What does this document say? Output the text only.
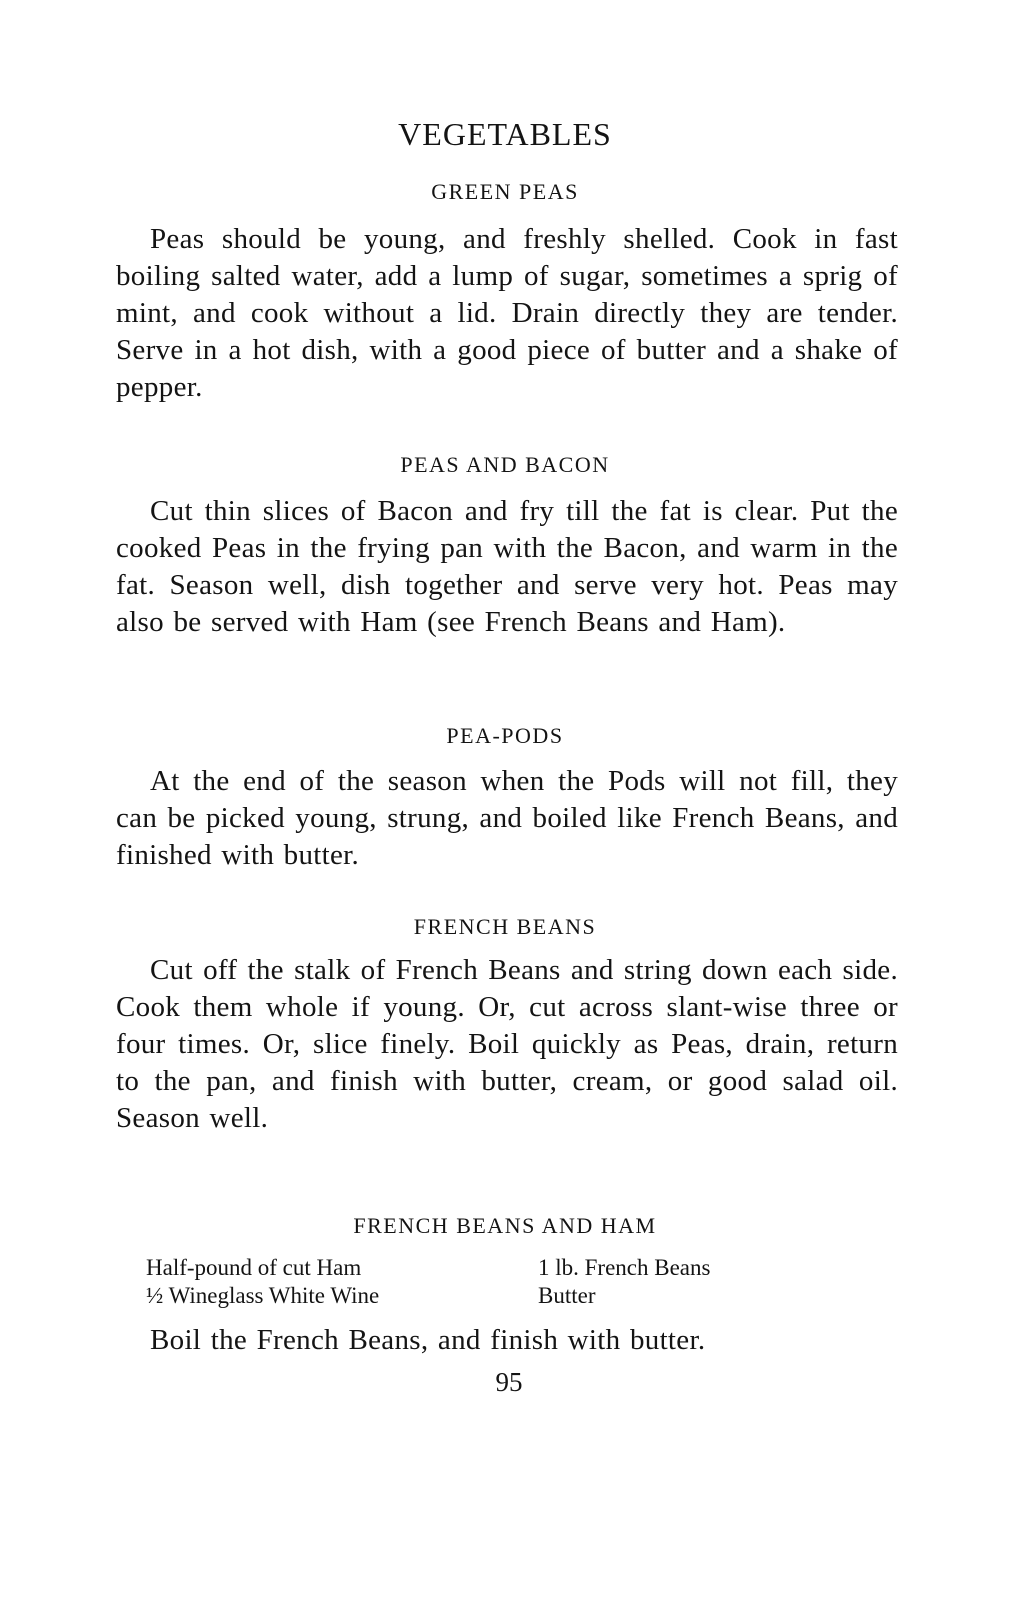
VEGETABLES
GREEN PEAS

Peas should be young, and freshly shelled. Cook in fast boiling salted water, add a lump of sugar, sometimes a sprig of mint, and cook without a lid. Drain directly they are tender. Serve in a hot dish, with a good piece of butter and a shake of pepper.

PEAS AND BACON

Cut thin slices of Bacon and fry till the fat is clear. Put the cooked Peas in the frying pan with the Bacon, and warm in the fat. Season well, dish together and serve very hot. Peas may also be served with Ham (see French Beans and Ham).

PEA-PODS

At the end of the season when the Pods will not fill, they can be picked young, strung, and boiled like French Beans, and finished with butter.

FRENCH BEANS

Cut off the stalk of French Beans and string down each side. Cook them whole if young. Or, cut across slant-wise three or four times. Or, slice finely. Boil quickly as Peas, drain, return to the pan, and finish with butter, cream, or good salad oil. Season well.

FRENCH BEANS AND HAM
Half-pound of cut Ham	1 lb. French Beans
½ Wineglass White Wine	Butter

Boil the French Beans, and finish with butter.

95
